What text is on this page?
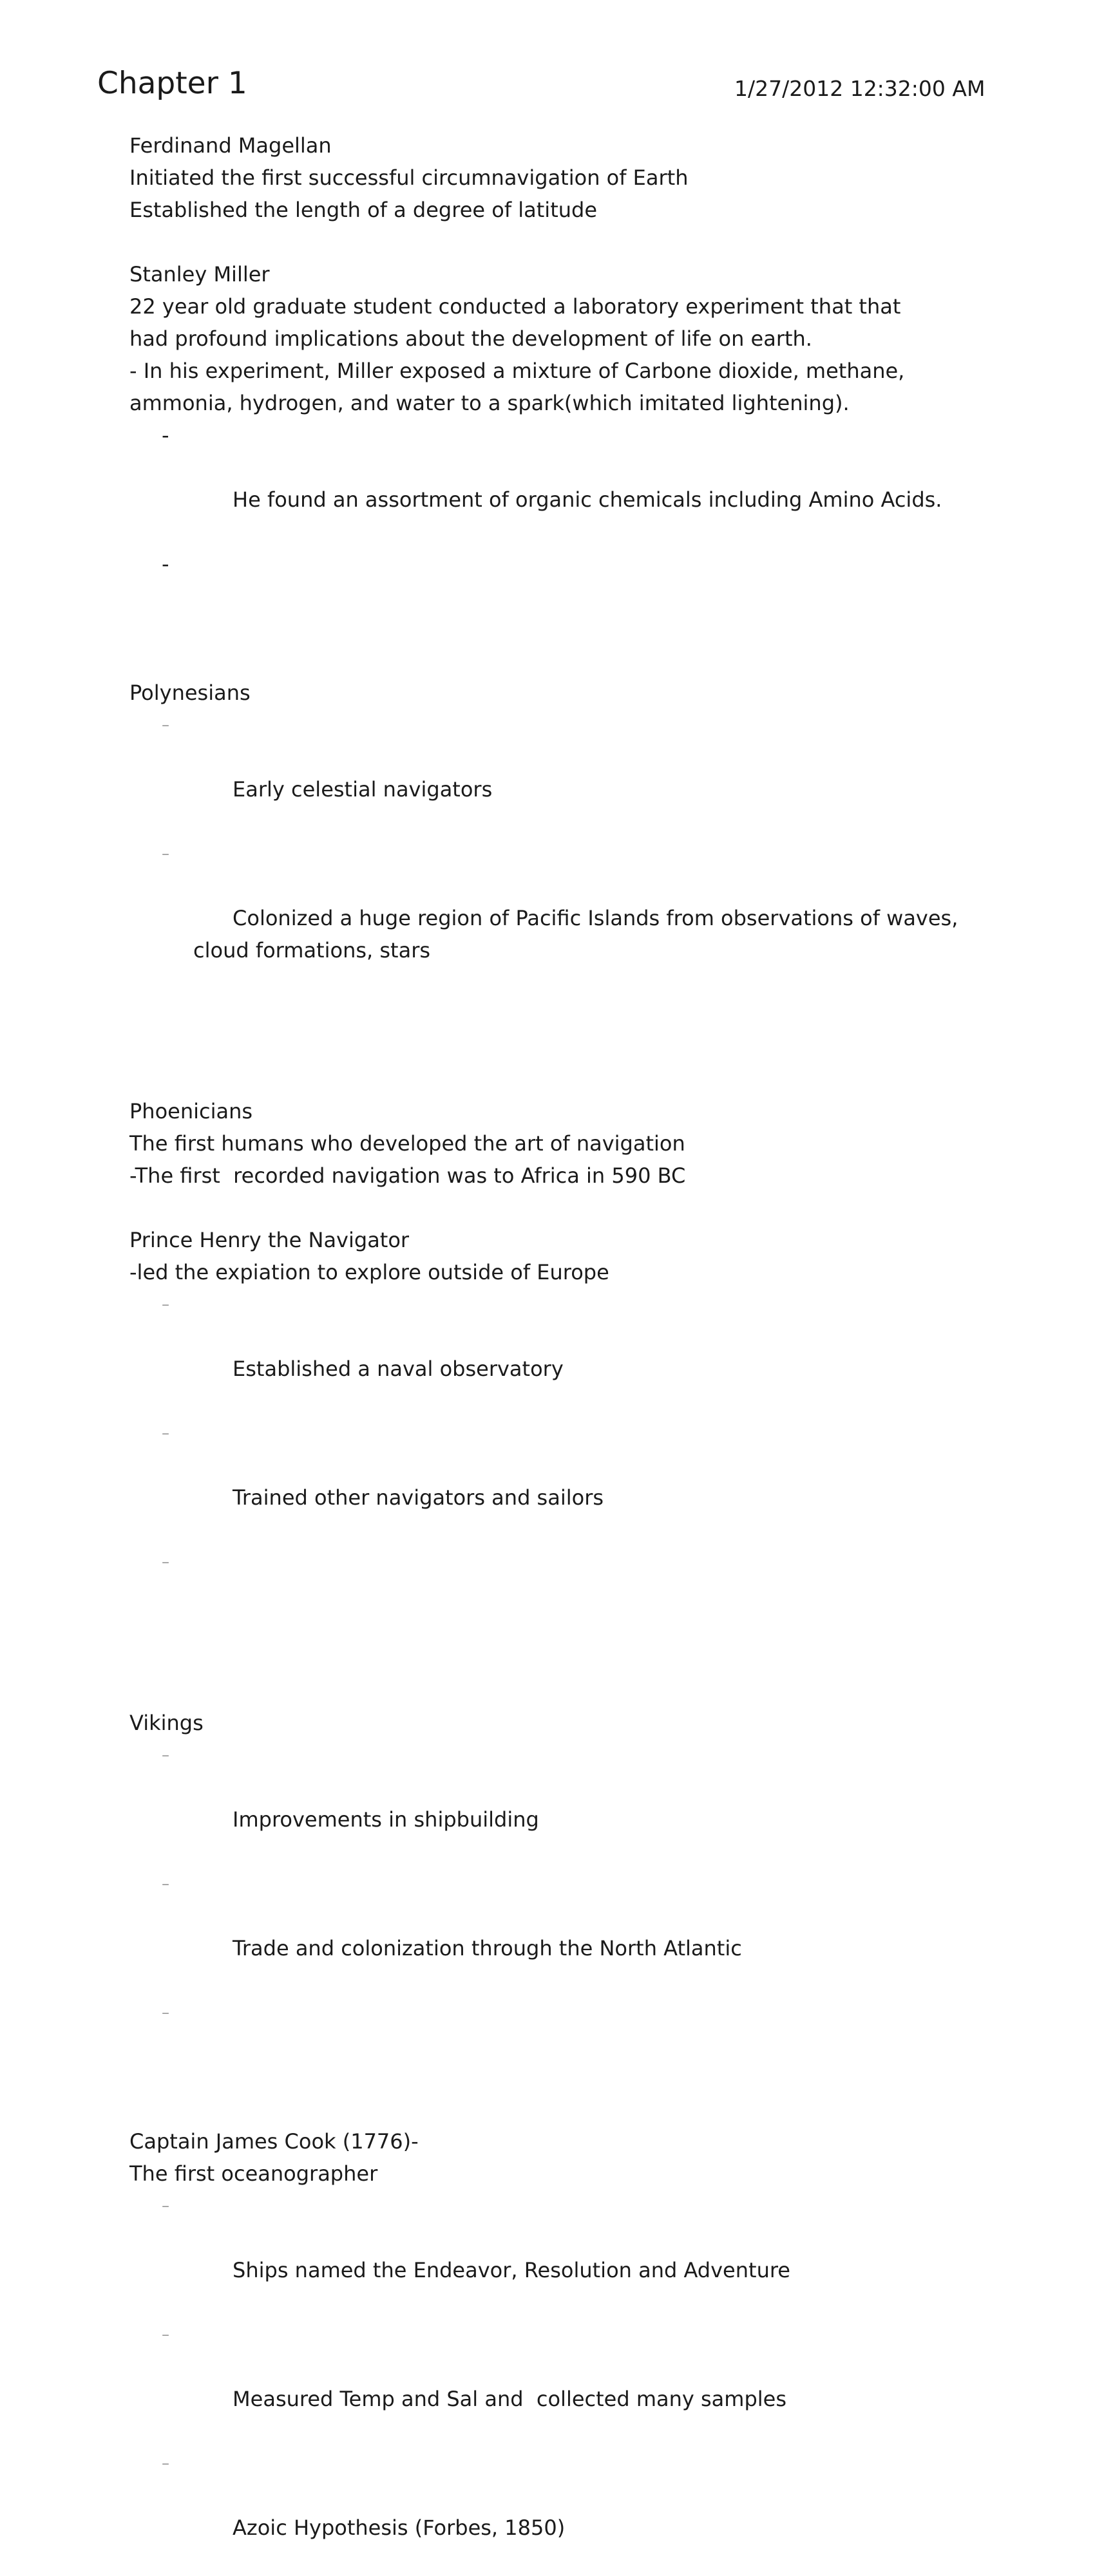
Chapter 1	1/27/2012 12:32:00 AM
Ferdinand Magellan
Initiated the first successful circumnavigation of Earth
Established the length of a degree of latitude
Stanley Miller
22 year old graduate student conducted a laboratory experiment that that
had profound implications about the development of life on earth.
- In his experiment, Miller exposed a mixture of Carbone dioxide, methane,
ammonia, hydrogen, and water to a spark(which imitated lightening).

-

He found an assortment of organic chemicals including Amino Acids.

-

Polynesians

–

Early celestial navigators

–

Colonized a huge region of Pacific Islands from observations of waves,
cloud formations, stars

Phoenicians
The first humans who developed the art of navigation
-The first  recorded navigation was to Africa in 590 BC
Prince Henry the Navigator
-led the expiation to explore outside of Europe

–

Established a naval observatory

–

Trained other navigators and sailors

–

Vikings

–

Improvements in shipbuilding

–

Trade and colonization through the North Atlantic

–

Captain James Cook (1776)-
The first oceanographer

–

Ships named the Endeavor, Resolution and Adventure

–

Measured Temp and Sal and  collected many samples

–

Azoic Hypothesis (Forbes, 1850)
